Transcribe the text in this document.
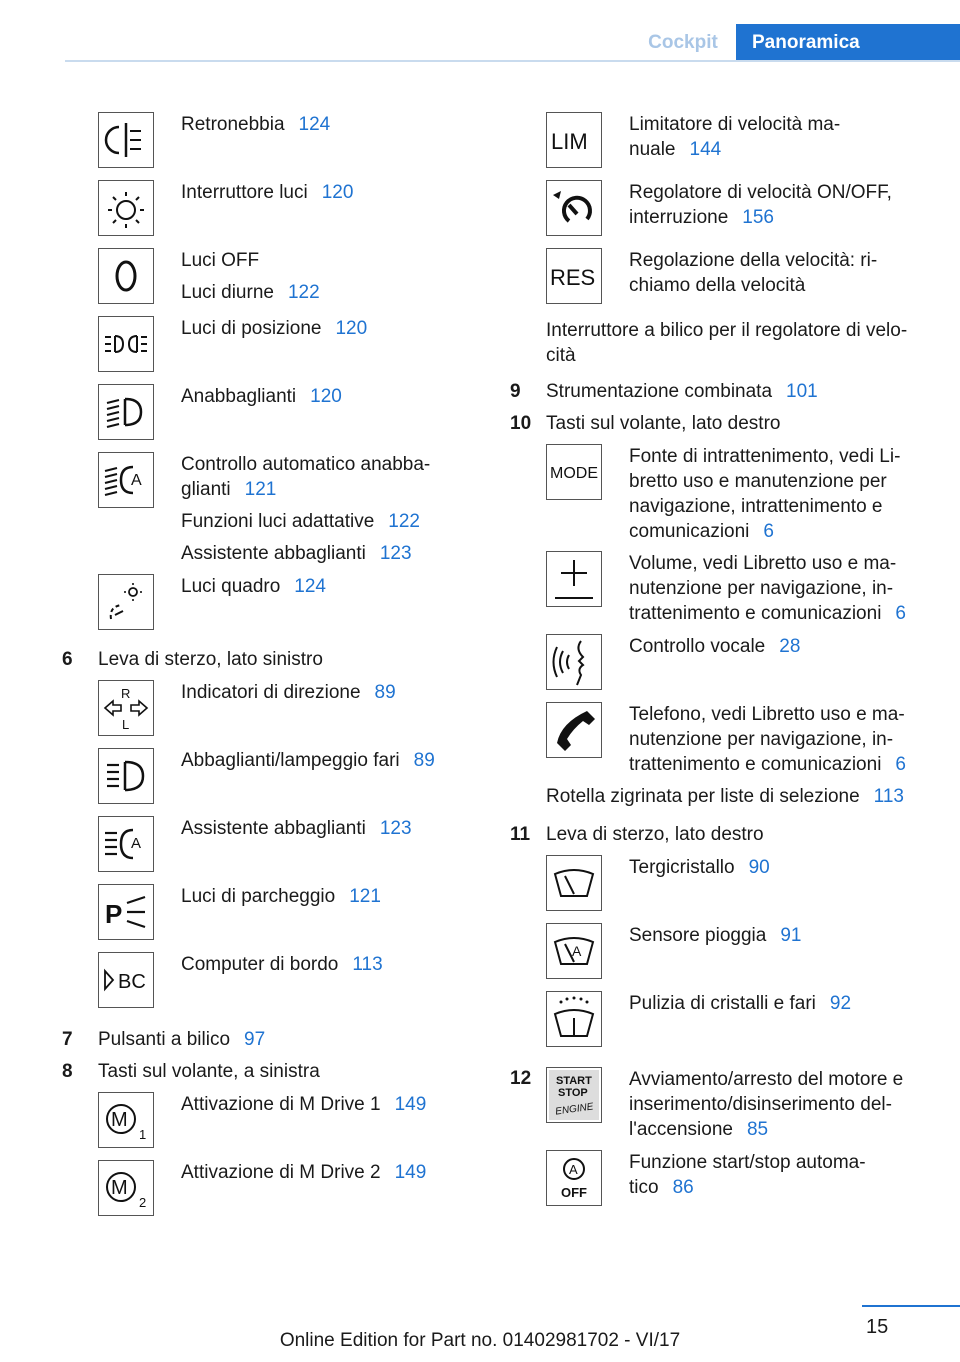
Cockpit	Panoramica
Retronebbia 124
Interruttore luci 120
Luci OFF
Luci diurne 122
Luci di posizione 120
Anabbaglianti 120
A
Controllo automatico anabba-glianti 121
Funzioni luci adattative 122
Assistente abbaglianti 123
Luci quadro 124
6 Leva di sterzo, lato sinistro
R
L
Indicatori di direzione 89
Abbaglianti/lampeggio fari 89
A
Assistente abbaglianti 123
P
Luci di parcheggio 121
BC
Computer di bordo 113
7 Pulsanti a bilico 97
8 Tasti sul volante, a sinistra
M
1
Attivazione di M Drive 1 149
M
2
Attivazione di M Drive 2 149
LIM
Limitatore di velocità ma-nuale 144
Regolatore di velocità ON/OFF, interruzione 156
RES
Regolazione della velocità: ri-chiamo della velocità
Interruttore a bilico per il regolatore di velo-cità
9 Strumentazione combinata 101
10 Tasti sul volante, lato destro
MODE
Fonte di intrattenimento, vedi Li-bretto uso e manutenzione per navigazione, intrattenimento e comunicazioni 6
Volume, vedi Libretto uso e ma-nutenzione per navigazione, in-trattenimento e comunicazioni 6
Controllo vocale 28
Telefono, vedi Libretto uso e ma-nutenzione per navigazione, in-trattenimento e comunicazioni 6
Rotella zigrinata per liste di selezione 113
11 Leva di sterzo, lato destro
Tergicristallo 90
A
Sensore pioggia 91
Pulizia di cristalli e fari 92
12 START
STOP
ENGINE
Avviamento/arresto del motore e inserimento/disinserimento del-l'accensione 85
A
OFF
Funzione start/stop automa-tico 86
15
Online Edition for Part no. 01402981702 - VI/17
